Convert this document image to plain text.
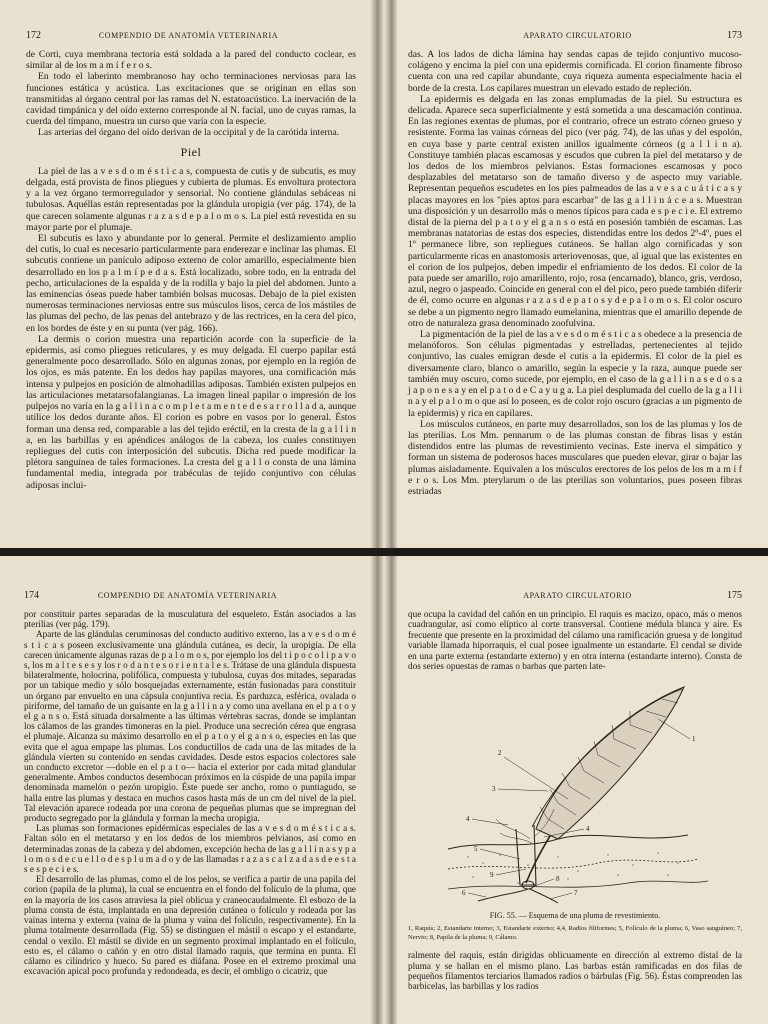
172	COMPENDIO DE ANATOMÍA VETERINARIA

de Corti, cuya membrana tectoria está soldada a la pared del conducto coclear, es similar al de los m a m í f e r o s.

En todo el laberinto membranoso hay ocho terminaciones nerviosas para las funciones estática y acústica. Las excitaciones que se originan en ellas son transmitidas al órgano central por las ramas del N. estatoacústico. La inervación de la cavidad timpánica y del oído externo corresponde al N. facial, uno de cuyas ramas, la cuerda del tímpano, muestra un curso que varía con la especie.

Las arterias del órgano del oído derivan de la occipital y de la carótida interna.

Piel

La piel de las a v e s d o m é s t i c a s, compuesta de cutis y de subcutis, es muy delgada, está provista de finos pliegues y cubierta de plumas. Es envoltura protectora y a la vez órgano termorregulador y sensorial. No contiene glándulas sebáceas ni tubulosas. Aquéllas están representadas por la glándula uropigia (ver pág. 174), de la que carecen solamente algunas r a z a s d e p a l o m o s. La piel está revestida en su mayor parte por el plumaje.

El subcutis es laxo y abundante por lo general. Permite el deslizamiento amplio del cutis, lo cual es necesario particularmente para enderezar e inclinar las plumas. El subcutis contiene un panículo adiposo externo de color amarillo, especialmente bien desarrollado en los p a l m í p e d a s. Está localizado, sobre todo, en la entrada del pecho, articulaciones de la espalda y de la rodilla y bajo la piel del abdomen. Junto a las eminencias óseas puede haber también bolsas mucosas. Debajo de la piel existen numerosas terminaciones nerviosas entre sus músculos lisos, cerca de los mástiles de las plumas del pecho, de las penas del antebrazo y de las rectrices, en la cera del pico, en los bordes de éste y en su punta (ver pág. 166).

La dermis o corion muestra una repartición acorde con la superficie de la epidermis, así como pliegues reticulares, y es muy delgada. El cuerpo papilar está generalmente poco desarrollado. Sólo en algunas zonas, por ejemplo en la región de los ojos, es más patente. En los dedos hay papilas mayores, una cornificación más intensa y pulpejos en posición de almohadillas adiposas. También existen pulpejos en las articulaciones metatarsofalangianas. La imagen lineal papilar o impresión de los pulpejos no varía en la g a l l i n a c o m p l e t a m e n t e d e s a r r o l l a d a, aunque utilice los dedos durante años. El corion es pobre en vasos por lo general. Éstos forman una densa red, comparable a las del tejido eréctil, en la cresta de la g a l l i n a, en las barbillas y en apéndices análogos de la cabeza, los cuales constituyen repliegues del cutis con interposición del subcutis. Dicha red puede modificar la plétora sanguínea de tales formaciones. La cresta del g a l l o consta de una lámina fundamental media, integrada por trabéculas de tejido conjuntivo con células adiposas inclui-

APARATO CIRCULATORIO	173

das. A los lados de dicha lámina hay sendas capas de tejido conjuntivo mucoso-colágeno y encima la piel con una epidermis cornificada. El corion finamente fibroso cuenta con una red capilar abundante, cuya riqueza aumenta especialmente hacia el borde de la cresta. Los capilares muestran un elevado estado de repleción.

La epidermis es delgada en las zonas emplumadas de la piel. Su estructura es delicada. Aparece seca superficialmente y está sometida a una descamación continua. En las regiones exentas de plumas, por el contrario, ofrece un estrato córneo grueso y resistente. Forma las vainas córneas del pico (ver pág. 74), de las uñas y del espolón, en cuya base y parte central existen anillos igualmente córneos (g a l l i n a). Constituye también placas escamosas y escudos que cubren la piel del metatarso y de los dedos de los miembros pelvianos. Estas formaciones escamosas y poco desplazables del metatarso son de tamaño diverso y de aspecto muy variable. Representan pequeños escudetes en los pies palmeados de las a v e s a c u á t i c a s y placas mayores en los "pies aptos para escarbar" de las g a l l i n á c e a s. Muestran una disposición y un desarrollo más o menos típicos para cada e s p e c i e. El extremo distal de la pierna del p a t o y el g a n s o está en posesión también de escamas. Las membranas natatorias de estas dos especies, distendidas entre los dedos 2º-4º, pues el 1º permanece libre, son repliegues cutáneos. Se hallan algo cornificadas y son particularmente ricas en anastomosis arteriovenosas, que, al igual que las existentes en el corion de los pulpejos, deben impedir el enfriamiento de los dedos. El color de la pata puede ser amarillo, rojo amarillento, rojo, rosa (encarnado), blanco, gris, verdoso, azul, negro o jaspeado. Coincide en general con el del pico, pero puede también diferir de él, como ocurre en algunas r a z a s d e p a t o s y d e p a l o m o s. El color oscuro se debe a un pigmento negro llamado eumelanina, mientras que el amarillo depende de otro de naturaleza grasa denominado zoofulvina.

La pigmentación de la piel de las a v e s d o m é s t i c a s obedece a la presencia de melanóforos. Son células pigmentadas y estrelladas, pertenecientes al tejido conjuntivo, las cuales emigran desde el cutis a la epidermis. El color de la piel es diversamente claro, blanco o amarillo, según la especie y la raza, aunque puede ser también muy oscuro, como sucede, por ejemplo, en el caso de la g a l l i n a s e d o s a j a p o n e s a y en el p a t o d e C a y u g a. La piel desplumada del cuello de la g a l l i n a y el p a l o m o que así lo poseen, es de color rojo oscuro (gracias a un pigmento de la epidermis) y rica en capilares.

Los músculos cutáneos, en parte muy desarrollados, son los de las plumas y los de las pterilias. Los Mm. pennarum o de las plumas constan de fibras lisas y están distendidos entre las plumas de revestimiento vecinas. Este inerva el simpático y forman un sistema de poderosos haces musculares que pueden elevar, girar o bajar las plumas aisladamente. Equivalen a los músculos erectores de los pelos de los m a m í f e r o s. Los Mm. pterylarum o de las pterilias son voluntarios, pues poseen fibras estriadas

174	COMPENDIO DE ANATOMÍA VETERINARIA

por constituir partes separadas de la musculatura del esqueleto. Están asociados a las pterilias (ver pág. 179).

Aparte de las glándulas ceruminosas del conducto auditivo externo, las a v e s d o m é s t i c a s poseen exclusivamente una glándula cutánea, es decir, la uropigia. De ella carecen únicamente algunas razas de p a l o m o s, por ejemplo los del t i p o c o l i p a v o s, los m a l t e s e s y los r o d a n t e s o r i e n t a l e s. Trátase de una glándula dispuesta bilateralmente, holocrina, polifólica, compuesta y tubulosa, cuyas dos mitades, separadas por un tabique medio y sólo bosquejadas externamente, están fusionadas para constituir un órgano par envuelto en una cápsula conjuntiva recia. Es parduzca, esférica, ovalada o piriforme, del tamaño de un guisante en la g a l l i n a y como una avellana en el p a t o y el g a n s o. Está situada dorsalmente a las últimas vértebras sacras, donde se implantan los cálamos de las grandes timoneras en la piel. Produce una secreción cérea que engrasa el plumaje. Alcanza su máximo desarrollo en el p a t o y el g a n s o, especies en las que evita que el agua empape las plumas. Los conductillos de cada una de las mitades de la glándula vierten su contenido en sendas cavidades. Desde estos espacios colectores sale un conducto excretor —doble en el p a t o— hacia el exterior por cada mitad glandular generalmente. Ambos conductos desembocan próximos en la cúspide de una papila impar denominada mamelón o pezón uropigio. Éste puede ser ancho, romo o puntiagudo, se halla entre las plumas y destaca en muchos casos hasta más de un cm del nivel de la piel. Tal elevación aparece rodeada por una corona de pequeñas plumas que se impregnan del producto segregado por la glándula y forman la mecha uropigia.

Las plumas son formaciones epidérmicas especiales de las a v e s d o m é s t i c a s. Faltan sólo en el metatarso y en los dedos de los miembros pelvianos, así como en determinadas zonas de la cabeza y del abdomen, excepción hecha de las g a l l i n a s y p a l o m o s d e c u e l l o d e s p l u m a d o y de las llamadas r a z a s c a l z a d a s d e e s t a s e s p e c i e s.

El desarrollo de las plumas, como el de los pelos, se verifica a partir de una papila del corion (papila de la pluma), la cual se encuentra en el fondo del folículo de la pluma, que en la mayoría de los casos atraviesa la piel oblicua y craneocaudalmente. El esbozo de la pluma consta de ésta, implantada en una depresión cutánea o folículo y rodeada por las vainas interna y externa (vaina de la pluma y vaina del folículo, respectivamente). En la pluma totalmente desarrollada (Fig. 55) se distinguen el mástil o escapo y el estandarte, cendal o vexilo. El mástil se divide en un segmento proximal implantado en el folículo, esto es, el cálamo o cañón y en otro distal llamado raquis, que termina en punta. El cálamo es cilíndrico y hueco. Su pared es diáfana. Posee en el extremo proximal una excavación apical poco profunda y redondeada, es decir, el ombligo o cicatriz, que

APARATO CIRCULATORIO	175

que ocupa la cavidad del cañón en un principio. El raquis es macizo, opaco, más o menos cuadrangular, así como elíptico al corte transversal. Contiene médula blanca y aire. Es frecuente que presente en la proximidad del cálamo una ramificación gruesa y de longitud variable llamada hiporraquis, el cual posee igualmente un estandarte. El cendal se divide en una parte externa (estandarte externo) y en otra interna (estandarte interno). Consta de dos series opuestas de ramas o barbas que parten late-

1
2
3
4
4
5
6	7
8
9
FIG. 55. — Esquema de una pluma de revestimiento.
1, Raquis; 2, Estandarte interno; 3, Estandarte externo; 4,4, Radios filiformes; 5, Folículo de la pluma; 6, Vaso sanguíneo; 7, Nervio; 8, Papila de la pluma; 9, Cálamo.

ralmente del raquis, están dirigidas oblicuamente en dirección al extremo distal de la pluma y se hallan en el mismo plano. Las barbas están ramificadas en dos filas de pequeños filamentos terciarios llamados radios o bárbulas (Fig. 56). Éstas comprenden las barbicelas, las barbillas y los radios
